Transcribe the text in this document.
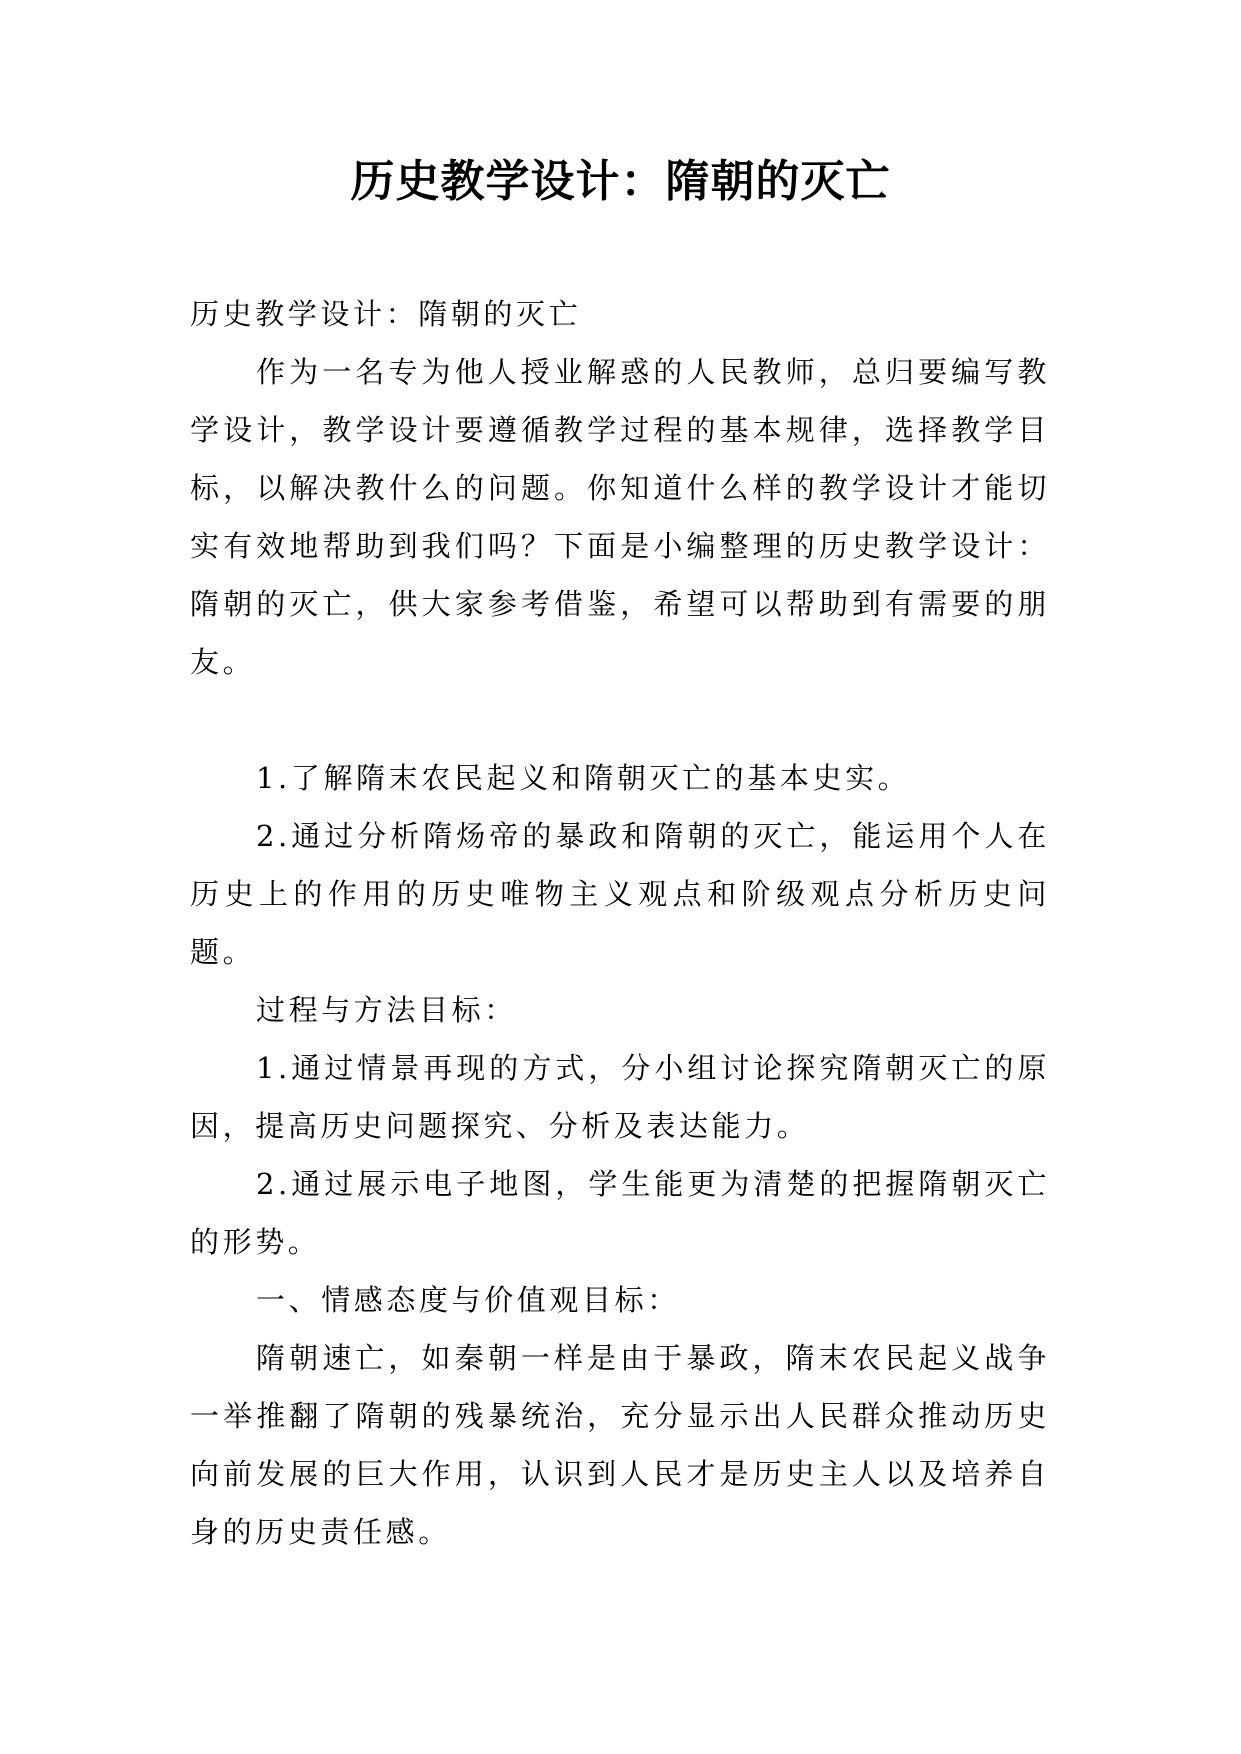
历史教学设计：隋朝的灭亡

历史教学设计：隋朝的灭亡

作为一名专为他人授业解惑的人民教师，总归要编写教学设计，教学设计要遵循教学过程的基本规律，选择教学目标，以解决教什么的问题。你知道什么样的教学设计才能切实有效地帮助到我们吗？下面是小编整理的历史教学设计：隋朝的灭亡，供大家参考借鉴，希望可以帮助到有需要的朋友。

1.了解隋末农民起义和隋朝灭亡的基本史实。

2.通过分析隋炀帝的暴政和隋朝的灭亡，能运用个人在历史上的作用的历史唯物主义观点和阶级观点分析历史问题。

过程与方法目标：

1.通过情景再现的方式，分小组讨论探究隋朝灭亡的原因，提高历史问题探究、分析及表达能力。

2.通过展示电子地图，学生能更为清楚的把握隋朝灭亡的形势。

一、情感态度与价值观目标：

隋朝速亡，如秦朝一样是由于暴政，隋末农民起义战争一举推翻了隋朝的残暴统治，充分显示出人民群众推动历史向前发展的巨大作用，认识到人民才是历史主人以及培养自身的历史责任感。
